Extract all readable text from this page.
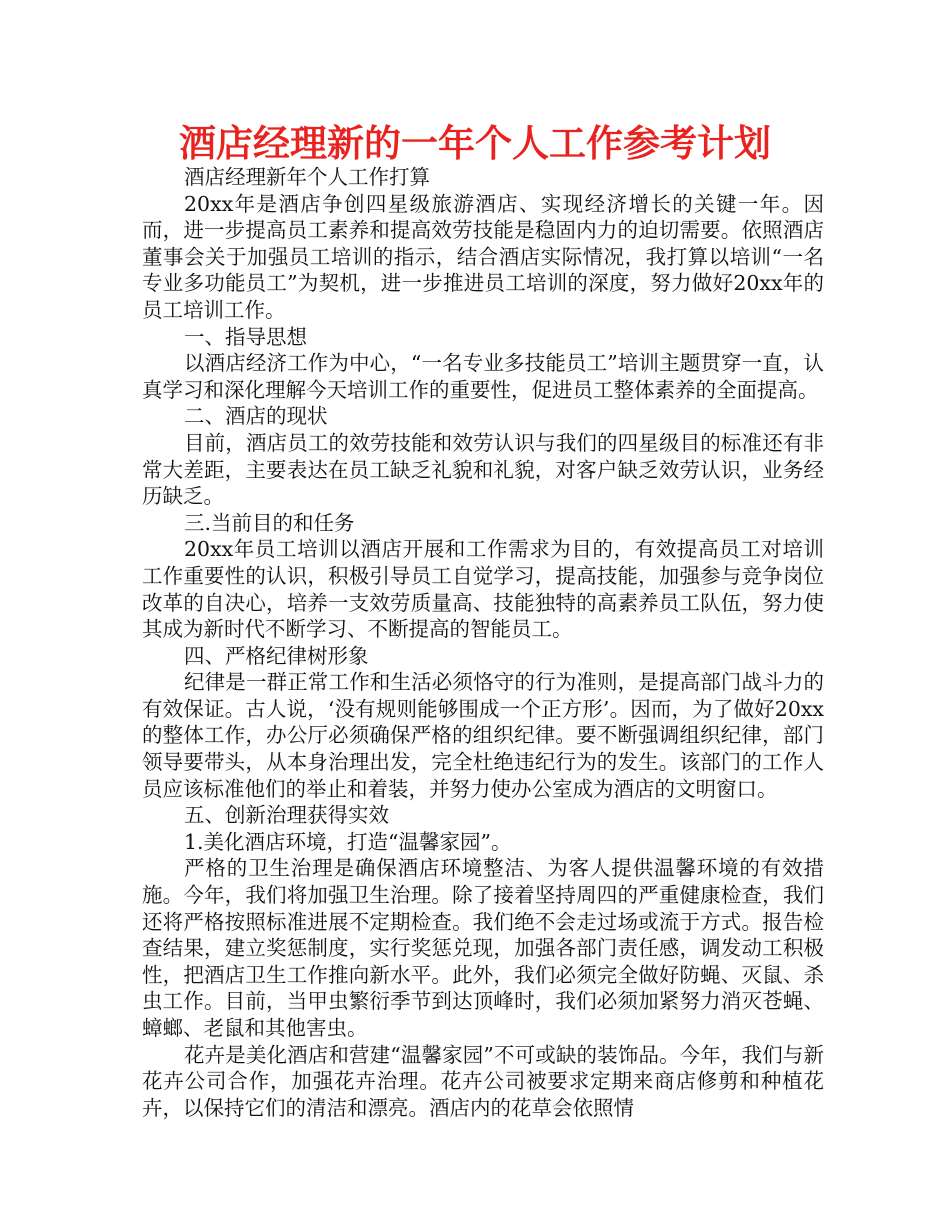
酒店经理新的一年个人工作参考计划

酒店经理新年个人工作打算

20xx年是酒店争创四星级旅游酒店、实现经济增长的关键一年。因而，进一步提高员工素养和提高效劳技能是稳固内力的迫切需要。依照酒店董事会关于加强员工培训的指示，结合酒店实际情况，我打算以培训“一名专业多功能员工”为契机，进一步推进员工培训的深度，努力做好20xx年的员工培训工作。

一、指导思想

以酒店经济工作为中心，“一名专业多技能员工”培训主题贯穿一直，认真学习和深化理解今天培训工作的重要性，促进员工整体素养的全面提高。

二、酒店的现状

目前，酒店员工的效劳技能和效劳认识与我们的四星级目的标准还有非常大差距，主要表达在员工缺乏礼貌和礼貌，对客户缺乏效劳认识，业务经历缺乏。

三.当前目的和任务

20xx年员工培训以酒店开展和工作需求为目的，有效提高员工对培训工作重要性的认识，积极引导员工自觉学习，提高技能，加强参与竞争岗位改革的自决心，培养一支效劳质量高、技能独特的高素养员工队伍，努力使其成为新时代不断学习、不断提高的智能员工。

四、严格纪律树形象

纪律是一群正常工作和生活必须恪守的行为准则，是提高部门战斗力的有效保证。古人说，‘没有规则能够围成一个正方形’。因而，为了做好20xx的整体工作，办公厅必须确保严格的组织纪律。要不断强调组织纪律，部门领导要带头，从本身治理出发，完全杜绝违纪行为的发生。该部门的工作人员应该标准他们的举止和着装，并努力使办公室成为酒店的文明窗口。

五、创新治理获得实效

1.美化酒店环境，打造“温馨家园”。

严格的卫生治理是确保酒店环境整洁、为客人提供温馨环境的有效措施。今年，我们将加强卫生治理。除了接着坚持周四的严重健康检查，我们还将严格按照标准进展不定期检查。我们绝不会走过场或流于方式。报告检查结果，建立奖惩制度，实行奖惩兑现，加强各部门责任感，调发动工积极性，把酒店卫生工作推向新水平。此外，我们必须完全做好防蝇、灭鼠、杀虫工作。目前，当甲虫繁衍季节到达顶峰时，我们必须加紧努力消灭苍蝇、蟑螂、老鼠和其他害虫。

花卉是美化酒店和营建“温馨家园”不可或缺的装饰品。今年，我们与新花卉公司合作，加强花卉治理。花卉公司被要求定期来商店修剪和种植花卉，以保持它们的清洁和漂亮。酒店内的花草会依照情
